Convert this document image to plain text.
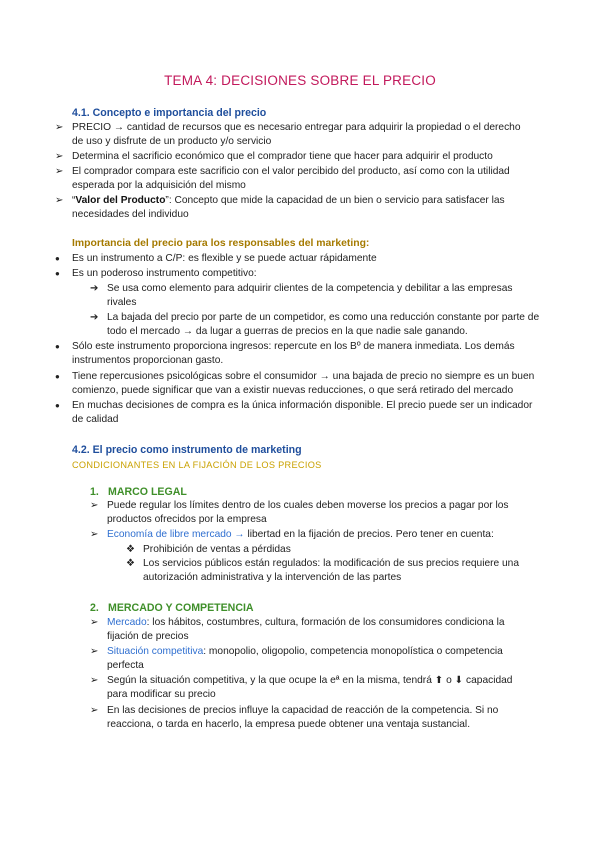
TEMA 4: DECISIONES SOBRE EL PRECIO
4.1. Concepto e importancia del precio
➢ PRECIO → cantidad de recursos que es necesario entregar para adquirir la propiedad o el derecho
de uso y disfrute de un producto y/o servicio
➢ Determina el sacrificio económico que el comprador tiene que hacer para adquirir el producto
➢ El comprador compara este sacrificio con el valor percibido del producto, así como con la utilidad
esperada por la adquisición del mismo
➢ “Valor del Producto”: Concepto que mide la capacidad de un bien o servicio para satisfacer las
necesidades del individuo
Importancia del precio para los responsables del marketing:
● Es un instrumento a C/P: es flexible y se puede actuar rápidamente
● Es un poderoso instrumento competitivo:
➔ Se usa como elemento para adquirir clientes de la competencia y debilitar a las empresas
rivales
➔ La bajada del precio por parte de un competidor, es como una reducción constante por parte de
todo el mercado → da lugar a guerras de precios en la que nadie sale ganando.
● Sólo este instrumento proporciona ingresos: repercute en los Bº de manera inmediata. Los demás
instrumentos proporcionan gasto.
● Tiene repercusiones psicológicas sobre el consumidor → una bajada de precio no siempre es un buen
comienzo, puede significar que van a existir nuevas reducciones, o que será retirado del mercado
● En muchas decisiones de compra es la única información disponible. El precio puede ser un indicador
de calidad
4.2. El precio como instrumento de marketing
CONDICIONANTES EN LA FIJACIÓN DE LOS PRECIOS
1. MARCO LEGAL
➢ Puede regular los límites dentro de los cuales deben moverse los precios a pagar por los
productos ofrecidos por la empresa
➢ Economía de libre mercado → libertad en la fijación de precios. Pero tener en cuenta:
❖ Prohibición de ventas a pérdidas
❖ Los servicios públicos están regulados: la modificación de sus precios requiere una
autorización administrativa y la intervención de las partes
2. MERCADO Y COMPETENCIA
➢ Mercado: los hábitos, costumbres, cultura, formación de los consumidores condiciona la
fijación de precios
➢ Situación competitiva: monopolio, oligopolio, competencia monopolística o competencia
perfecta
➢ Según la situación competitiva, y la que ocupe la eª en la misma, tendrá ⬆ o ⬇ capacidad
para modificar su precio
➢ En las decisiones de precios influye la capacidad de reacción de la competencia. Si no
reacciona, o tarda en hacerlo, la empresa puede obtener una ventaja sustancial.
